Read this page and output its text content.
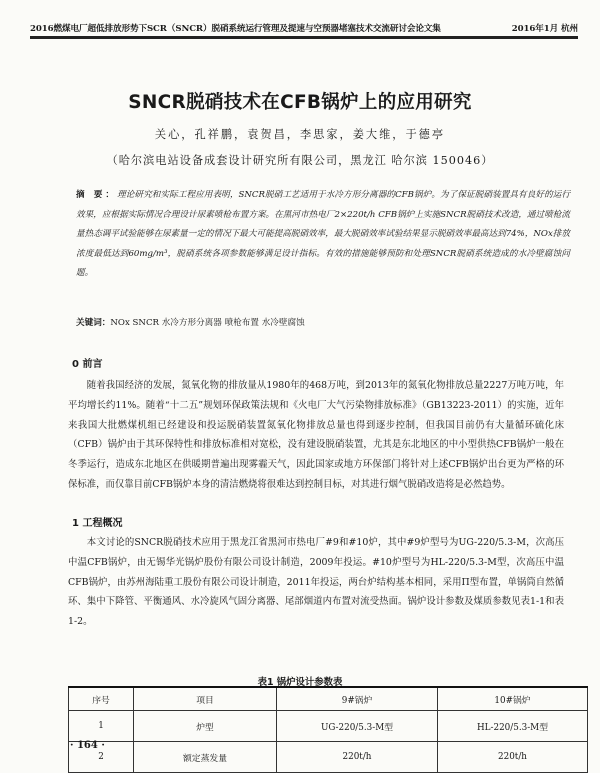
2016燃煤电厂超低排放形势下SCR（SNCR）脱硝系统运行管理及提速与空预器堵塞技术交流研讨会论文集	2016年1月 杭州
SNCR脱硝技术在CFB锅炉上的应用研究
关心，孔祥鹏，袁贺昌，李思家，姜大维，于德亭
（哈尔滨电站设备成套设计研究所有限公司，黑龙江 哈尔滨 150046）
摘 要：理论研究和实际工程应用表明，SNCR脱硝工艺适用于水冷方形分离器的CFB锅炉。为了保证脱硝装置具有良好的运行效果，应根据实际情况合理设计尿素喷枪布置方案。在黑河市热电厂2×220t/h CFB锅炉上实施SNCR脱硝技术改造，通过喷枪流量热态调平试验能够在尿素量一定的情况下最大可能提高脱硝效率，最大脱硝效率试验结果显示脱硝效率最高达到74%，NOx排放浓度最低达到60mg/m³，脱硝系统各项参数能够满足设计指标。有效的措施能够预防和处理SNCR脱硝系统造成的水冷壁腐蚀问题。
关键词：NOx SNCR 水冷方形分离器 喷枪布置 水冷壁腐蚀
0 前言
随着我国经济的发展，氮氧化物的排放量从1980年的468万吨，到2013年的氮氧化物排放总量2227万吨万吨，年平均增长约11%。随着“十二五”规划环保政策法规和《火电厂大气污染物排放标准》（GB13223-2011）的实施，近年来我国大批燃煤机组已经建设和投运脱硝装置氮氧化物排放总量也得到逐步控制，但我国目前仍有大量循环硫化床（CFB）锅炉由于其环保特性和排放标准相对宽松，没有建设脱硝装置，尤其是东北地区的中小型供热CFB锅炉一般在冬季运行，造成东北地区在供暖期普遍出现雾霾天气，因此国家或地方环保部门将针对上述CFB锅炉出台更为严格的环保标准，而仅靠目前CFB锅炉本身的清洁燃烧将很难达到控制目标，对其进行烟气脱硝改造将是必然趋势。
1 工程概况
本文讨论的SNCR脱硝技术应用于黑龙江省黑河市热电厂#9和#10炉，其中#9炉型号为UG-220/5.3-M，次高压中温CFB锅炉，由无锡华光锅炉股份有限公司设计制造，2009年投运。#10炉型号为HL-220/5.3-M型，次高压中温CFB锅炉，由苏州海陆重工股份有限公司设计制造，2011年投运，两台炉结构基本相同，采用Π型布置，单锅筒自然循环、集中下降管、平衡通风、水冷旋风气固分离器、尾部烟道内布置对流受热面。锅炉设计参数及煤质参数见表1-1和表1-2。
表1 锅炉设计参数表
序号	项目	9#锅炉	10#锅炉
1	炉型	UG-220/5.3-M型	HL-220/5.3-M型
2	额定蒸发量	220t/h	220t/h
· 164 ·
